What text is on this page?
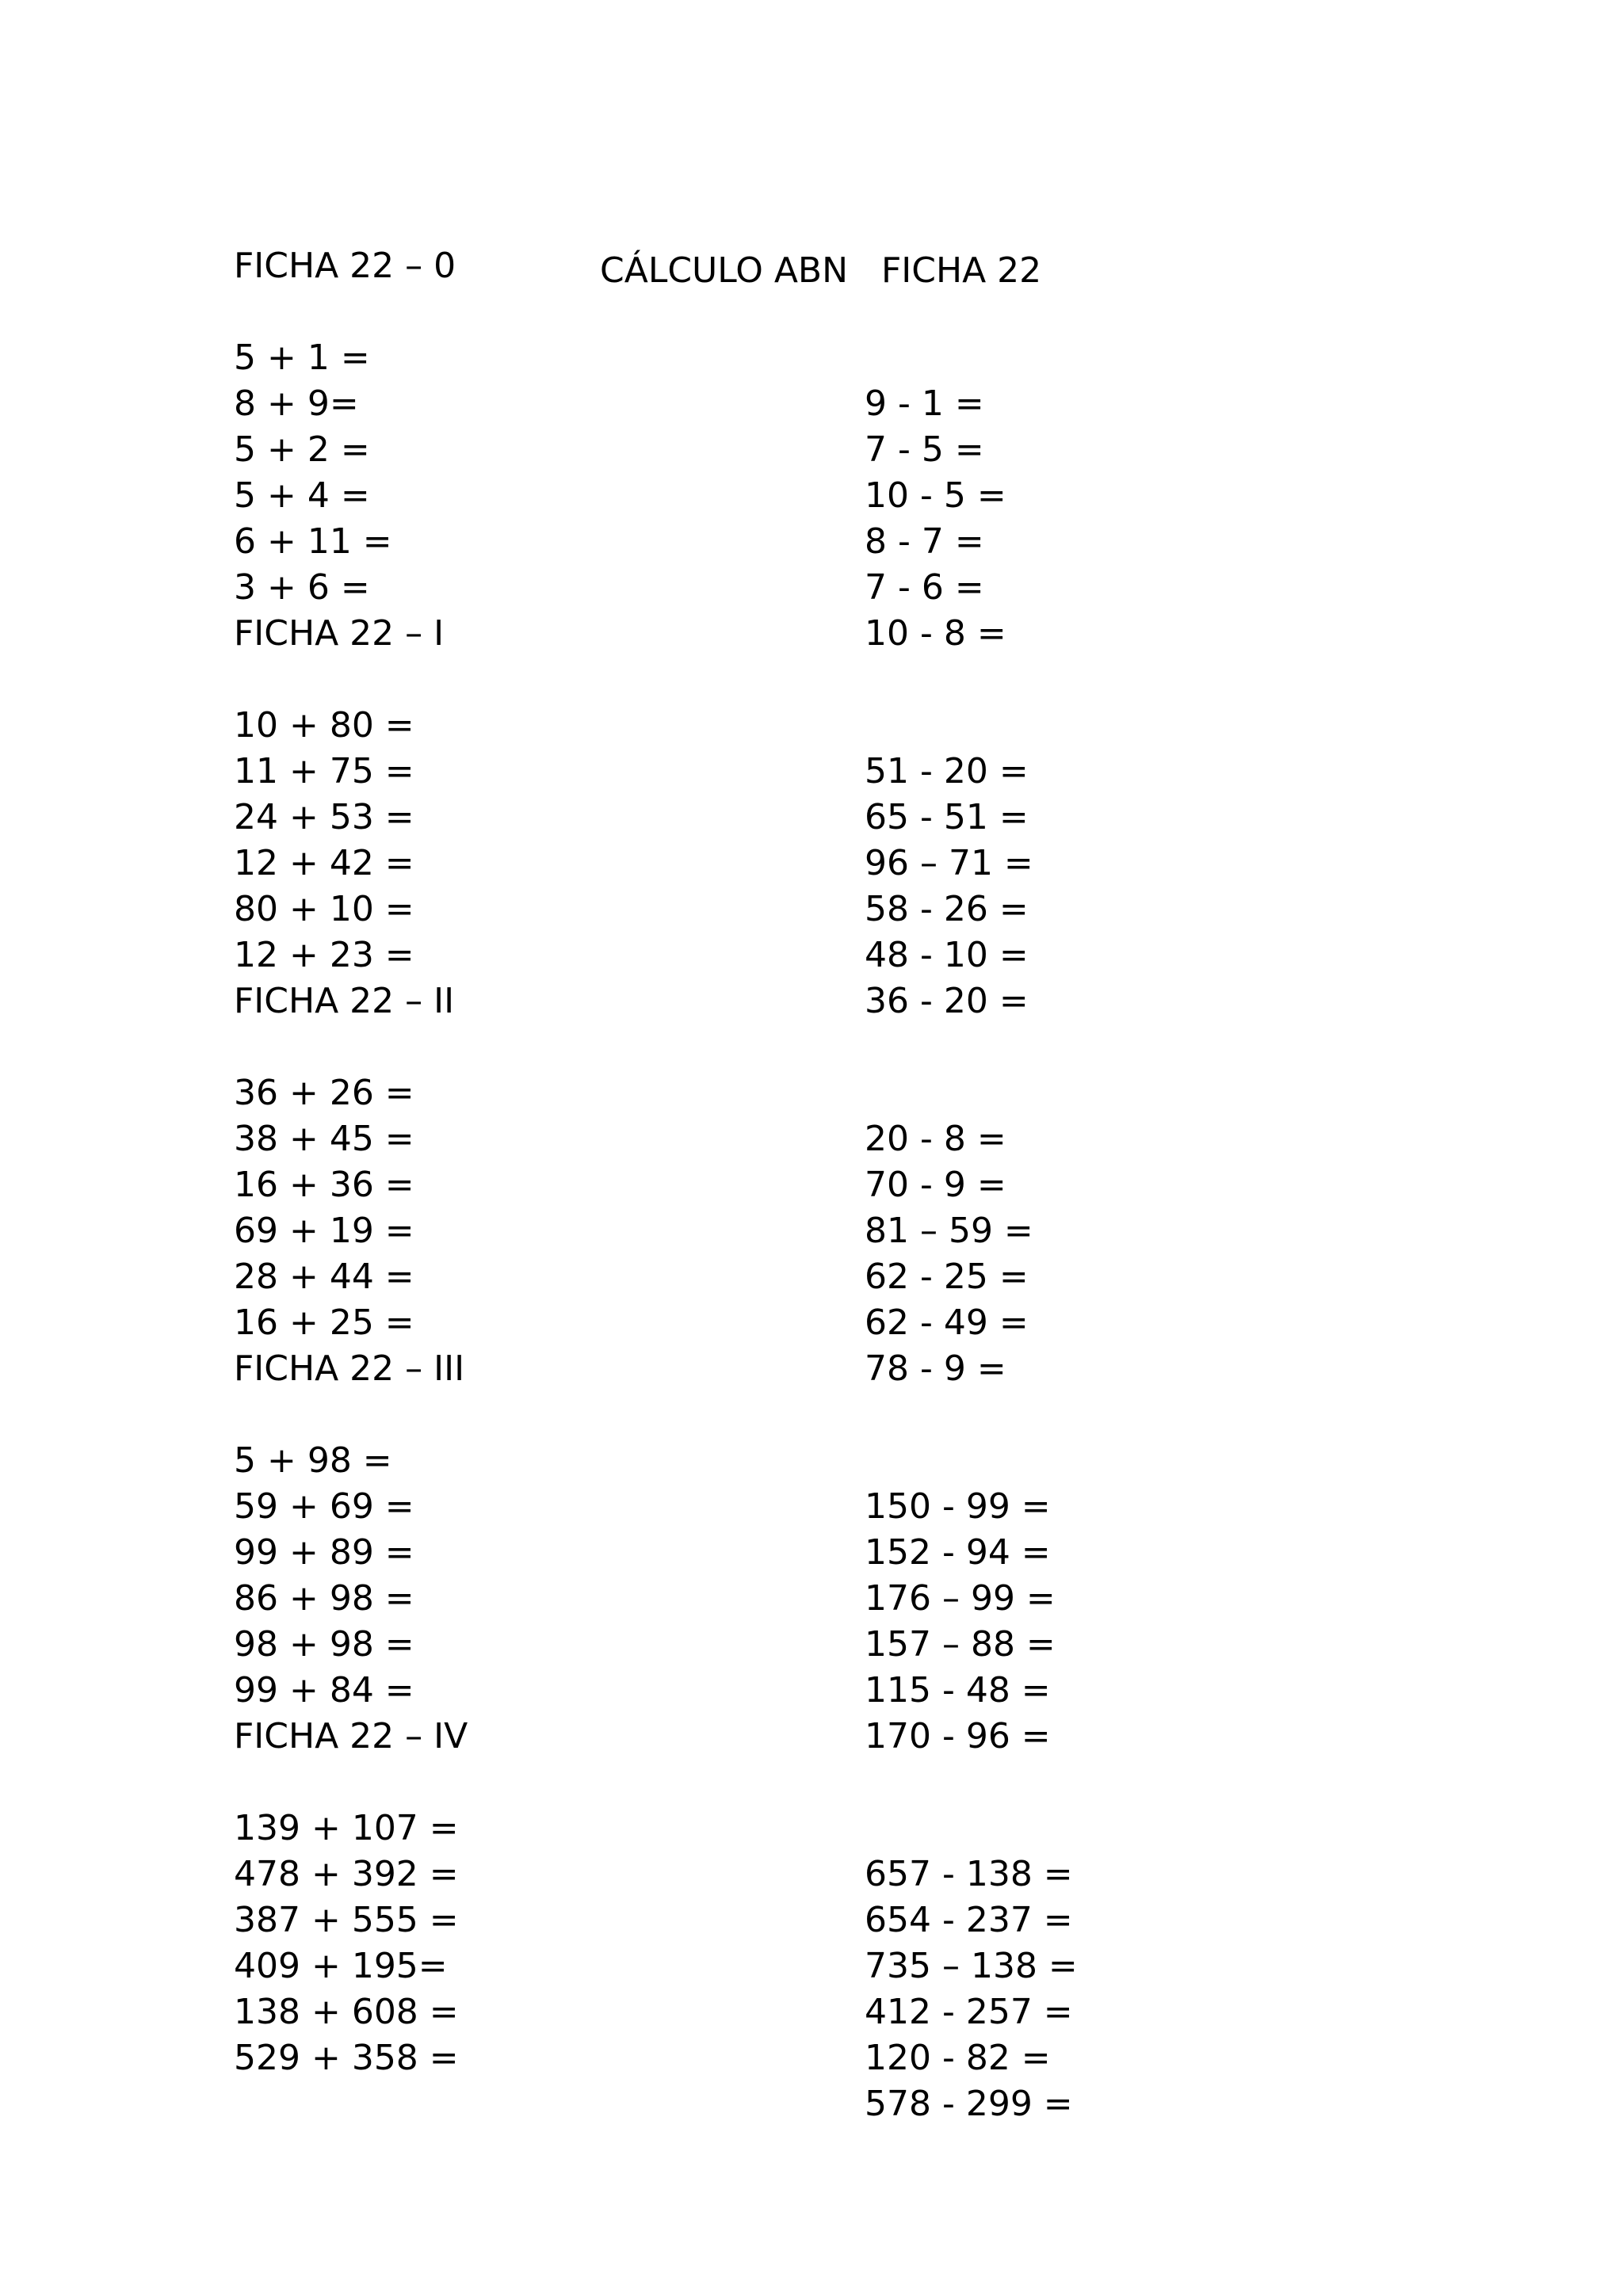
CÁLCULO ABN   FICHA 22

FICHA 22 – 0

5 + 1 =

9 - 1 =

8 + 9=

7 - 5 =

5 + 2 =

10 - 5 =

5 + 4 =

8 - 7 =

6 + 11 =

7 - 6 =

3 + 6 =

10 - 8 =

FICHA 22 – I

10 + 80 =

51 - 20 =

11 + 75 =

65 - 51 =

24 + 53 =

96 – 71 =

12 + 42 =

58 - 26 =

80 + 10 =

48 - 10 =

12 + 23 =

36 - 20 =

FICHA 22 – II

36 + 26 =

20 - 8 =

38 + 45 =

70 - 9 =

16 + 36 =

81 – 59 =

69 + 19 =

62 - 25 =

28 + 44 =

62 - 49 =

16 + 25 =

78 - 9 =

FICHA 22 – III

5 + 98 =

150 - 99 =

59 + 69 =

152 - 94 =

99 + 89 =

176 – 99 =

86 + 98 =

157 – 88 =

98 + 98 =

115 - 48 =

99 + 84 =

170 - 96 =

FICHA 22 – IV

139 + 107 =

657 - 138 =

478 + 392 =

654 - 237 =

387 + 555 =

735 – 138 =

409 + 195=

412 - 257 =

138 + 608 =

120 - 82 =

529 + 358 =

578 - 299 =
